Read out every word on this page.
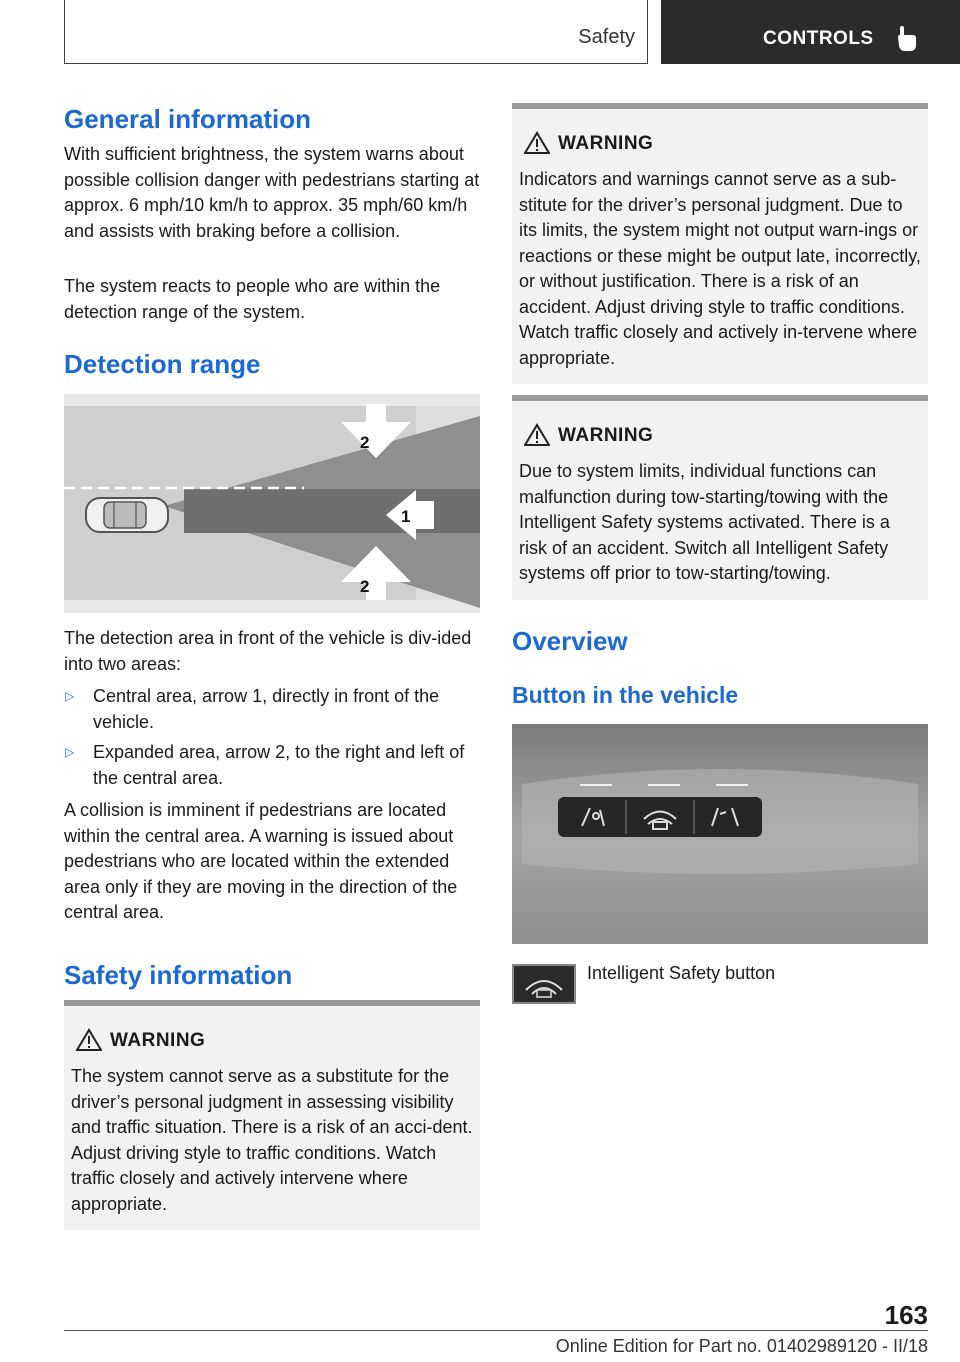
Safety	CONTROLS
General information
With sufficient brightness, the system warns about possible collision danger with pedestrians starting at approx. 6 mph/10 km/h to approx. 35 mph/60 km/h and assists with braking before a collision.
The system reacts to people who are within the detection range of the system.
Detection range
2
1
2
The detection area in front of the vehicle is div-ided into two areas:
▷ Central area, arrow 1, directly in front of the vehicle.
▷ Expanded area, arrow 2, to the right and left of the central area.
A collision is imminent if pedestrians are located within the central area. A warning is issued about pedestrians who are located within the extended area only if they are moving in the direction of the central area.
Safety information
WARNING
The system cannot serve as a substitute for the driver’s personal judgment in assessing visibility and traffic situation. There is a risk of an acci-dent. Adjust driving style to traffic conditions. Watch traffic closely and actively intervene where appropriate.
WARNING
Indicators and warnings cannot serve as a sub-stitute for the driver’s personal judgment. Due to its limits, the system might not output warn-ings or reactions or these might be output late, incorrectly, or without justification. There is a risk of an accident. Adjust driving style to traffic conditions. Watch traffic closely and actively in-tervene where appropriate.
WARNING
Due to system limits, individual functions can malfunction during tow-starting/towing with the Intelligent Safety systems activated. There is a risk of an accident. Switch all Intelligent Safety systems off prior to tow-starting/towing.
Overview
Button in the vehicle
Intelligent Safety button
163
Online Edition for Part no. 01402989120 - II/18
